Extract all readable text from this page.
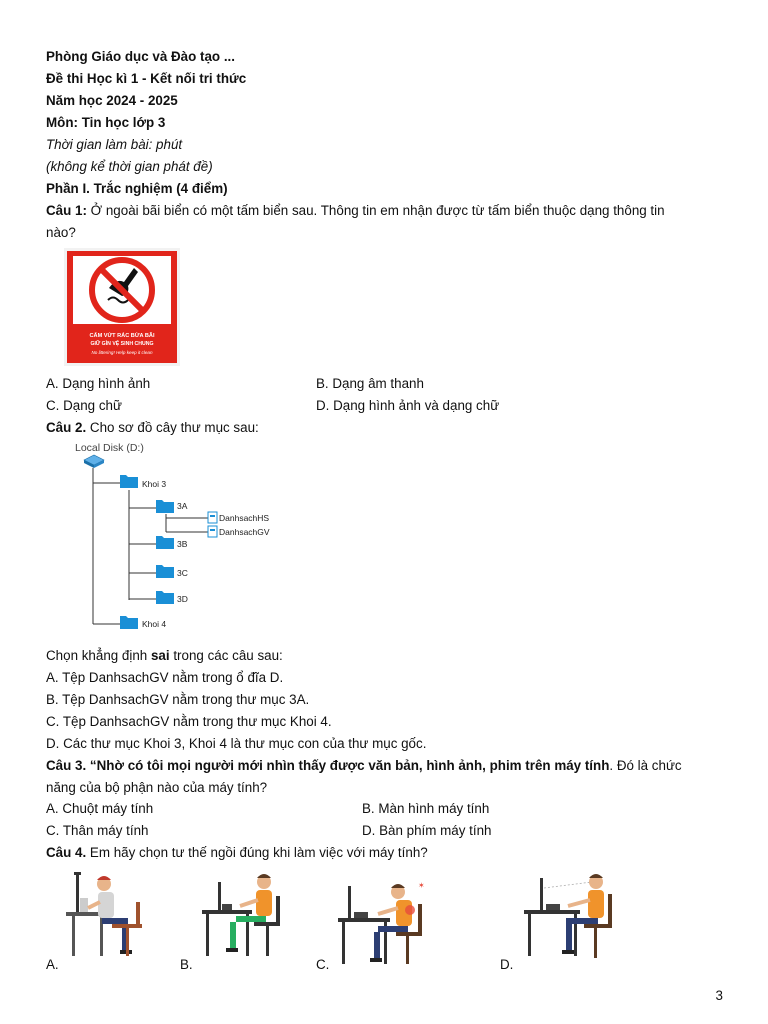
Phòng Giáo dục và Đào tạo ...
Đề thi Học kì 1 - Kết nối tri thức
Năm học 2024 - 2025
Môn: Tin học lớp 3
Thời gian làm bài: phút
(không kể thời gian phát đề)
Phần I. Trắc nghiệm (4 điểm)
Câu 1: Ở ngoài bãi biển có một tấm biển sau. Thông tin em nhận được từ tấm biển thuộc dạng thông tin
nào?
CẤM VỨT RÁC BỪA BÃI
GIỮ GÌN VỆ SINH CHUNG
No littering! Help keep it clean
A. Dạng hình ảnh	B. Dạng âm thanh
C. Dạng chữ	D. Dạng hình ảnh và dạng chữ
Câu 2. Cho sơ đồ cây thư mục sau:
Local Disk (D:)
Khoi 3
3A
DanhsachHS
DanhsachGV
3B
3C
3D
Khoi 4
Chọn khẳng định sai trong các câu sau:
A. Tệp DanhsachGV nằm trong ổ đĩa D.
B. Tệp DanhsachGV nằm trong thư mục 3A.
C. Tệp DanhsachGV nằm trong thư mục Khoi 4.
D. Các thư mục Khoi 3, Khoi 4 là thư mục con của thư mục gốc.
Câu 3. “Nhờ có tôi mọi người mới nhìn thấy được văn bản, hình ảnh, phim trên máy tính. Đó là chức
năng của bộ phận nào của máy tính?
A. Chuột máy tính	B. Màn hình máy tính
C. Thân máy tính	D. Bàn phím máy tính
Câu 4. Em hãy chọn tư thế ngồi đúng khi làm việc với máy tính?
✶
A.	B.	C.	D.
3
